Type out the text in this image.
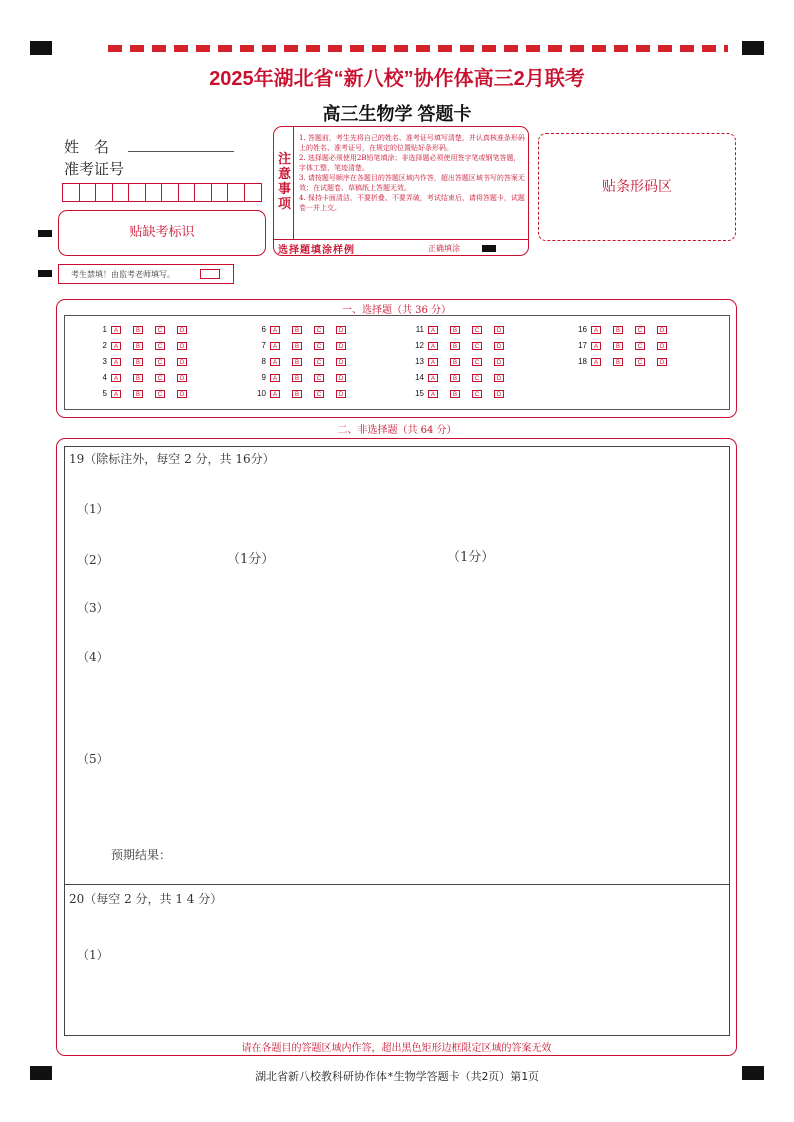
2025年湖北省“新八校”协作体高三2月联考
高三生物学 答题卡
姓　名
准考证号
贴缺考标识
考生禁填！由监考老师填写。
注意事项
1. 答题前，考生先将自己的姓名、准考证号填写清楚，并认真核准条形码上的姓名、准考证号，在规定的位置贴好条形码。
2. 选择题必须使用2B铅笔填涂；非选择题必须使用签字笔或钢笔答题，字体工整、笔迹清楚。
3. 请按题号顺序在各题目的答题区域内作答，超出答题区域书写的答案无效；在试题卷、草稿纸上答题无效。
4. 保持卡面清洁，不要折叠、不要弄破，考试结束后，请将答题卡，试题卷一并上交。
选择题填涂样例	正确填涂
贴条形码区
一、选择题（共 36 分）
1 A	B	C	D
2 A	B	C	D
3 A	B	C	D
4 A	B	C	D
5 A	B	C	D
6 A	B	C	D
7 A	B	C	D
8 A	B	C	D
9 A	B	C	D
10 A	B	C	D
11 A	B	C	D
12 A	B	C	D
13 A	B	C	D
14 A	B	C	D
15 A	B	C	D
16 A	B	C	D
17 A	B	C	D
18 A	B	C	D
二、非选择题（共 64 分）
19（除标注外，每空 2 分，共 16分）
（1）
（2）	（1分）	（1分）
（3）
（4）
（5）
预期结果：
20（每空 2 分，共 1 4 分）
（1）
请在各题目的答题区域内作答，超出黑色矩形边框限定区域的答案无效
湖北省新八校教科研协作体*生物学答题卡（共2页）第1页
